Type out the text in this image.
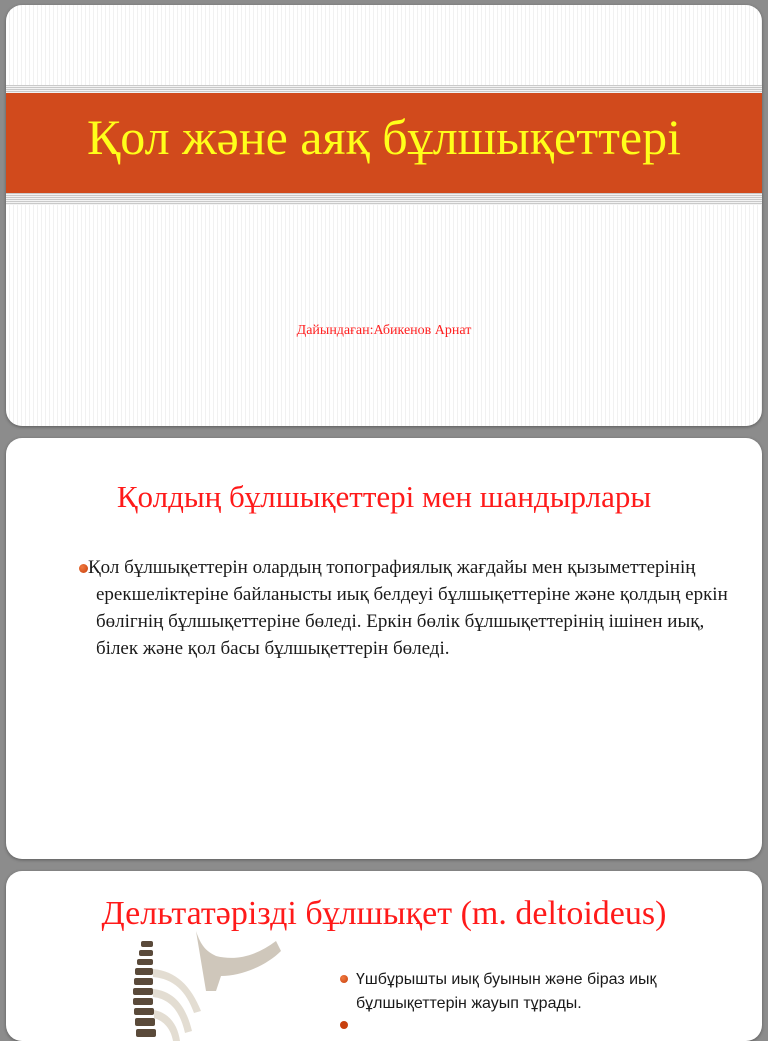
Қол және аяқ бұлшықеттері
Дайындаған:Абикенов Арнат
Қолдың бұлшықеттері мен шандырлары
Қол бұлшықеттерін олардың топографиялық жағдайы мен қызыметтерінің ерекшеліктеріне байланысты иық белдеуі бұлшықеттеріне және қолдың еркін бөлігнің бұлшықеттеріне бөледі. Еркін бөлік бұлшықеттерінің ішінен иық, білек және қол басы бұлшықеттерін бөледі.
Дельтатәрізді бұлшықет (m. deltoideus)
Үшбұрышты иық буынын және біраз иық бұлшықеттерін жауып тұрады.
